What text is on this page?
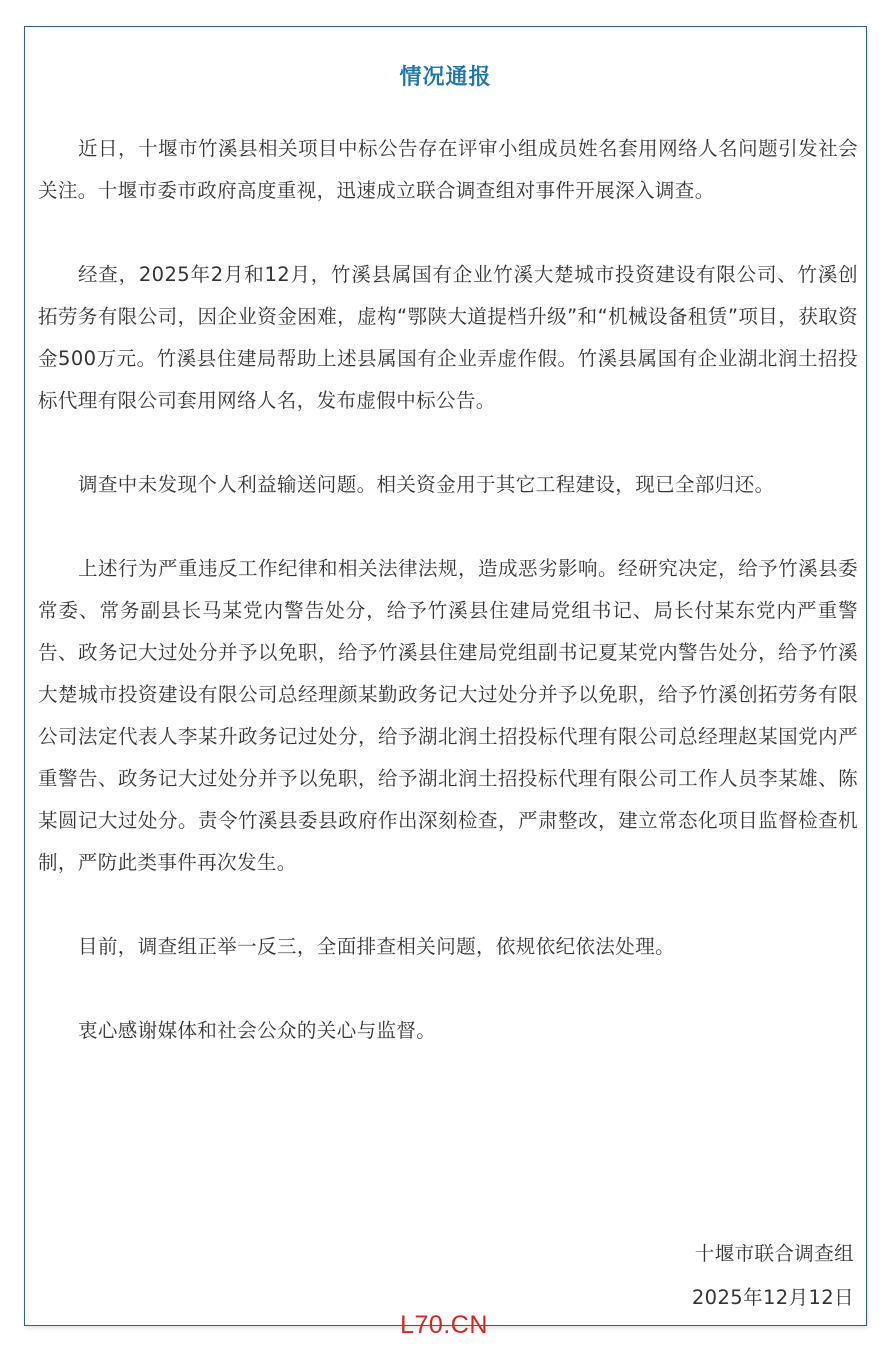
情况通报

近日，十堰市竹溪县相关项目中标公告存在评审小组成员姓名套用网络人名问题引发社会关注。十堰市委市政府高度重视，迅速成立联合调查组对事件开展深入调查。

经查，2025年2月和12月，竹溪县属国有企业竹溪大楚城市投资建设有限公司、竹溪创拓劳务有限公司，因企业资金困难，虚构“鄂陕大道提档升级”和“机械设备租赁”项目，获取资金500万元。竹溪县住建局帮助上述县属国有企业弄虚作假。竹溪县属国有企业湖北润土招投标代理有限公司套用网络人名，发布虚假中标公告。

调查中未发现个人利益输送问题。相关资金用于其它工程建设，现已全部归还。

上述行为严重违反工作纪律和相关法律法规，造成恶劣影响。经研究决定，给予竹溪县委常委、常务副县长马某党内警告处分，给予竹溪县住建局党组书记、局长付某东党内严重警告、政务记大过处分并予以免职，给予竹溪县住建局党组副书记夏某党内警告处分，给予竹溪大楚城市投资建设有限公司总经理颜某勤政务记大过处分并予以免职，给予竹溪创拓劳务有限公司法定代表人李某升政务记过处分，给予湖北润土招投标代理有限公司总经理赵某国党内严重警告、政务记大过处分并予以免职，给予湖北润土招投标代理有限公司工作人员李某雄、陈某圆记大过处分。责令竹溪县委县政府作出深刻检查，严肃整改，建立常态化项目监督检查机制，严防此类事件再次发生。

目前，调查组正举一反三，全面排查相关问题，依规依纪依法处理。

衷心感谢媒体和社会公众的关心与监督。

十堰市联合调查组
2025年12月12日
L70.CN
